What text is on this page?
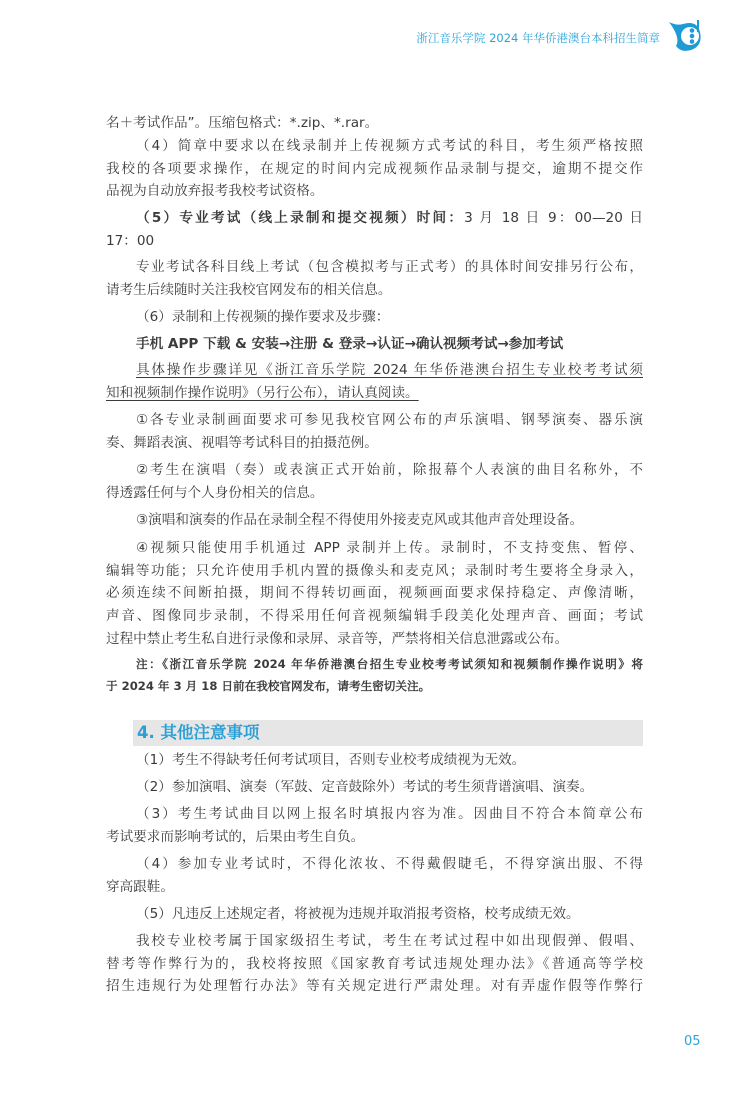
浙江音乐学院 2024 年华侨港澳台本科招生简章
名＋考试作品”。压缩包格式：*.zip、*.rar。
（4）简章中要求以在线录制并上传视频方式考试的科目，考生须严格按照
我校的各项要求操作，在规定的时间内完成视频作品录制与提交，逾期不提交作
品视为自动放弃报考我校考试资格。
（5）专业考试（线上录制和提交视频）时间：3 月 18 日 9：00—20 日
17：00
专业考试各科目线上考试（包含模拟考与正式考）的具体时间安排另行公布，
请考生后续随时关注我校官网发布的相关信息。
（6）录制和上传视频的操作要求及步骤：
手机 APP 下载 & 安装→注册 & 登录→认证→确认视频考试→参加考试
具体操作步骤详见《浙江音乐学院 2024 年华侨港澳台招生专业校考考试须
知和视频制作操作说明》（另行公布），请认真阅读。
①各专业录制画面要求可参见我校官网公布的声乐演唱、钢琴演奏、器乐演
奏、舞蹈表演、视唱等考试科目的拍摄范例。
②考生在演唱（奏）或表演正式开始前，除报幕个人表演的曲目名称外，不
得透露任何与个人身份相关的信息。
③演唱和演奏的作品在录制全程不得使用外接麦克风或其他声音处理设备。
④视频只能使用手机通过 APP 录制并上传。录制时，不支持变焦、暂停、
编辑等功能；只允许使用手机内置的摄像头和麦克风；录制时考生要将全身录入，
必须连续不间断拍摄，期间不得转切画面，视频画面要求保持稳定、声像清晰，
声音、图像同步录制，不得采用任何音视频编辑手段美化处理声音、画面；考试
过程中禁止考生私自进行录像和录屏、录音等，严禁将相关信息泄露或公布。
注：《浙江音乐学院 2024 年华侨港澳台招生专业校考考试须知和视频制作操作说明》将
于 2024 年 3 月 18 日前在我校官网发布，请考生密切关注。
（1）考生不得缺考任何考试项目，否则专业校考成绩视为无效。
（2）参加演唱、演奏（军鼓、定音鼓除外）考试的考生须背谱演唱、演奏。
（3）考生考试曲目以网上报名时填报内容为准。因曲目不符合本简章公布
考试要求而影响考试的，后果由考生自负。
（4）参加专业考试时，不得化浓妆、不得戴假睫毛，不得穿演出服、不得
穿高跟鞋。
（5）凡违反上述规定者，将被视为违规并取消报考资格，校考成绩无效。
我校专业校考属于国家级招生考试，考生在考试过程中如出现假弹、假唱、
替考等作弊行为的，我校将按照《国家教育考试违规处理办法》《普通高等学校
招生违规行为处理暂行办法》等有关规定进行严肃处理。对有弄虚作假等作弊行
4. 其他注意事项
05
